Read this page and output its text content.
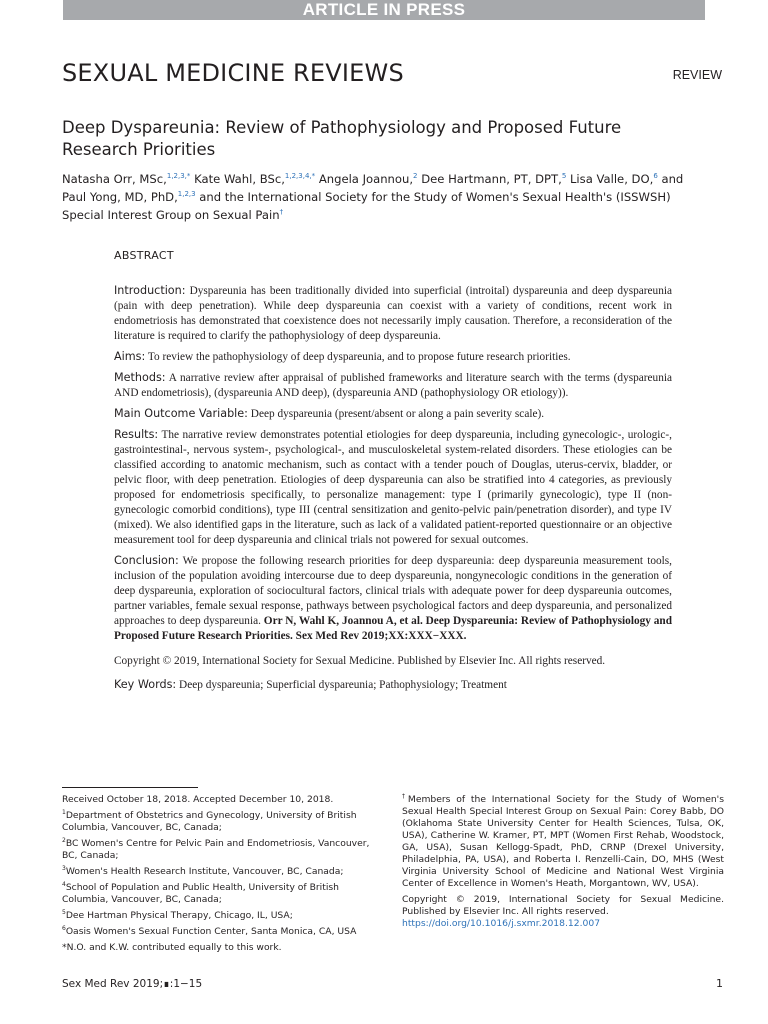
ARTICLE IN PRESS
SEXUAL MEDICINE REVIEWS	REVIEW
Deep Dyspareunia: Review of Pathophysiology and Proposed Future Research Priorities
Natasha Orr, MSc,$^{1,2,3,*}$ Kate Wahl, BSc,$^{1,2,3,4,*}$ Angela Joannou,$^2$ Dee Hartmann, PT, DPT,$^5$ Lisa Valle, DO,$^6$ and Paul Yong, MD, PhD,$^{1,2,3}$ and the International Society for the Study of Women's Sexual Health's (ISSWSH) Special Interest Group on Sexual Pain†
ABSTRACT

Introduction: Dyspareunia has been traditionally divided into superficial (introital) dyspareunia and deep dyspareunia (pain with deep penetration). While deep dyspareunia can coexist with a variety of conditions, recent work in endometriosis has demonstrated that coexistence does not necessarily imply causation. Therefore, a reconsideration of the literature is required to clarify the pathophysiology of deep dyspareunia.

Aims: To review the pathophysiology of deep dyspareunia, and to propose future research priorities.

Methods: A narrative review after appraisal of published frameworks and literature search with the terms (dyspareunia AND endometriosis), (dyspareunia AND deep), (dyspareunia AND (pathophysiology OR etiology)).

Main Outcome Variable: Deep dyspareunia (present/absent or along a pain severity scale).

Results: The narrative review demonstrates potential etiologies for deep dyspareunia, including gynecologic-, urologic-, gastrointestinal-, nervous system-, psychological-, and musculoskeletal system-related disorders. These etiologies can be classified according to anatomic mechanism, such as contact with a tender pouch of Douglas, uterus-cervix, bladder, or pelvic floor, with deep penetration. Etiologies of deep dyspareunia can also be stratified into 4 categories, as previously proposed for endometriosis specifically, to personalize management: type I (primarily gynecologic), type II (non-gynecologic comorbid conditions), type III (central sensitization and genito-pelvic pain/penetration disorder), and type IV (mixed). We also identified gaps in the literature, such as lack of a validated patient-reported questionnaire or an objective measurement tool for deep dyspareunia and clinical trials not powered for sexual outcomes.

Conclusion: We propose the following research priorities for deep dyspareunia: deep dyspareunia measurement tools, inclusion of the population avoiding intercourse due to deep dyspareunia, nongynecologic conditions in the generation of deep dyspareunia, exploration of sociocultural factors, clinical trials with adequate power for deep dyspareunia outcomes, partner variables, female sexual response, pathways between psychological factors and deep dyspareunia, and personalized approaches to deep dyspareunia. Orr N, Wahl K, Joannou A, et al. Deep Dyspareunia: Review of Pathophysiology and Proposed Future Research Priorities. Sex Med Rev 2019;XX:XXX−XXX.

Copyright © 2019, International Society for Sexual Medicine. Published by Elsevier Inc. All rights reserved.

Key Words: Deep dyspareunia; Superficial dyspareunia; Pathophysiology; Treatment

Received October 18, 2018. Accepted December 10, 2018.

$^1$Department of Obstetrics and Gynecology, University of British Columbia, Vancouver, BC, Canada;

$^2$BC Women's Centre for Pelvic Pain and Endometriosis, Vancouver, BC, Canada;

$^3$Women's Health Research Institute, Vancouver, BC, Canada;

$^4$School of Population and Public Health, University of British Columbia, Vancouver, BC, Canada;

$^5$Dee Hartman Physical Therapy, Chicago, IL, USA;

$^6$Oasis Women's Sexual Function Center, Santa Monica, CA, USA

*N.O. and K.W. contributed equally to this work.

†Members of the International Society for the Study of Women's Sexual Health Special Interest Group on Sexual Pain: Corey Babb, DO (Oklahoma State University Center for Health Sciences, Tulsa, OK, USA), Catherine W. Kramer, PT, MPT (Women First Rehab, Woodstock, GA, USA), Susan Kellogg-Spadt, PhD, CRNP (Drexel University, Philadelphia, PA, USA), and Roberta I. Renzelli-Cain, DO, MHS (West Virginia University School of Medicine and National West Virginia Center of Excellence in Women's Heath, Morgantown, WV, USA).

Copyright © 2019, International Society for Sexual Medicine. Published by Elsevier Inc. All rights reserved.

https://doi.org/10.1016/j.sxmr.2018.12.007

Sex Med Rev 2019;∎:1−15	1
